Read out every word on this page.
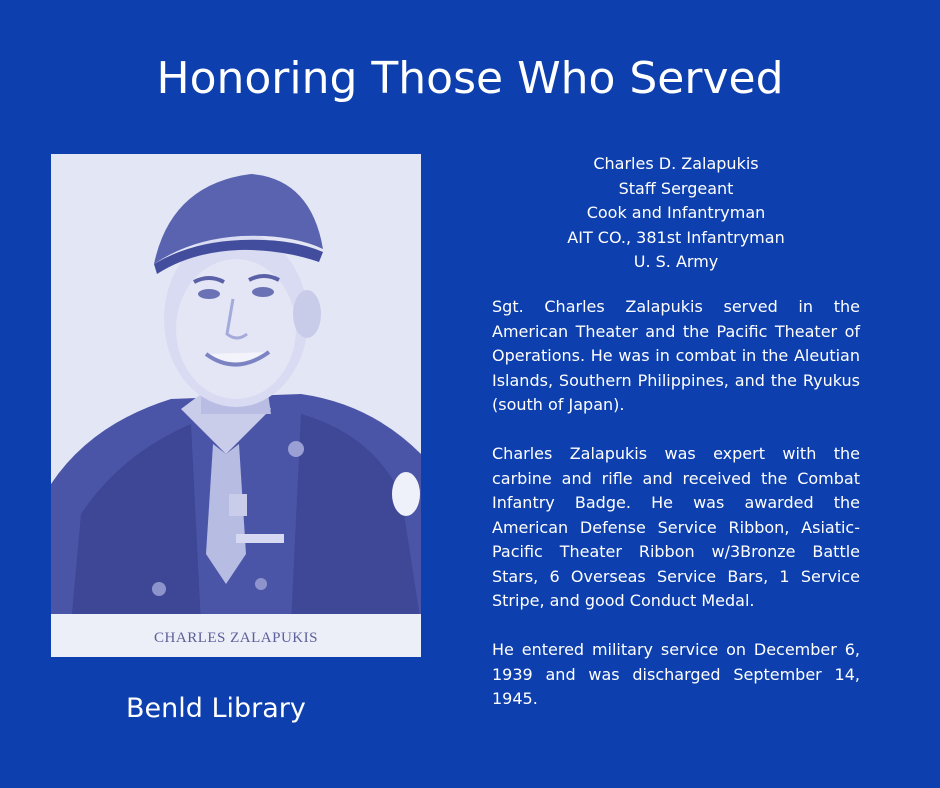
Honoring Those Who Served
CHARLES ZALAPUKIS
Charles D. Zalapukis
Staff Sergeant
Cook and Infantryman
AIT CO., 381st Infantryman
U. S. Army

Sgt. Charles Zalapukis served in the American Theater and the Pacific Theater of Operations. He was in combat in the Aleutian Islands, Southern Philippines, and the Ryukus (south of Japan).

Charles Zalapukis was expert with the carbine and rifle and received the Combat Infantry Badge. He was awarded the American Defense Service Ribbon, Asiatic-Pacific Theater Ribbon w/3Bronze Battle Stars, 6 Overseas Service Bars, 1 Service Stripe, and good Conduct Medal.

He entered military service on December 6, 1939 and was discharged September 14, 1945.

Benld Library
